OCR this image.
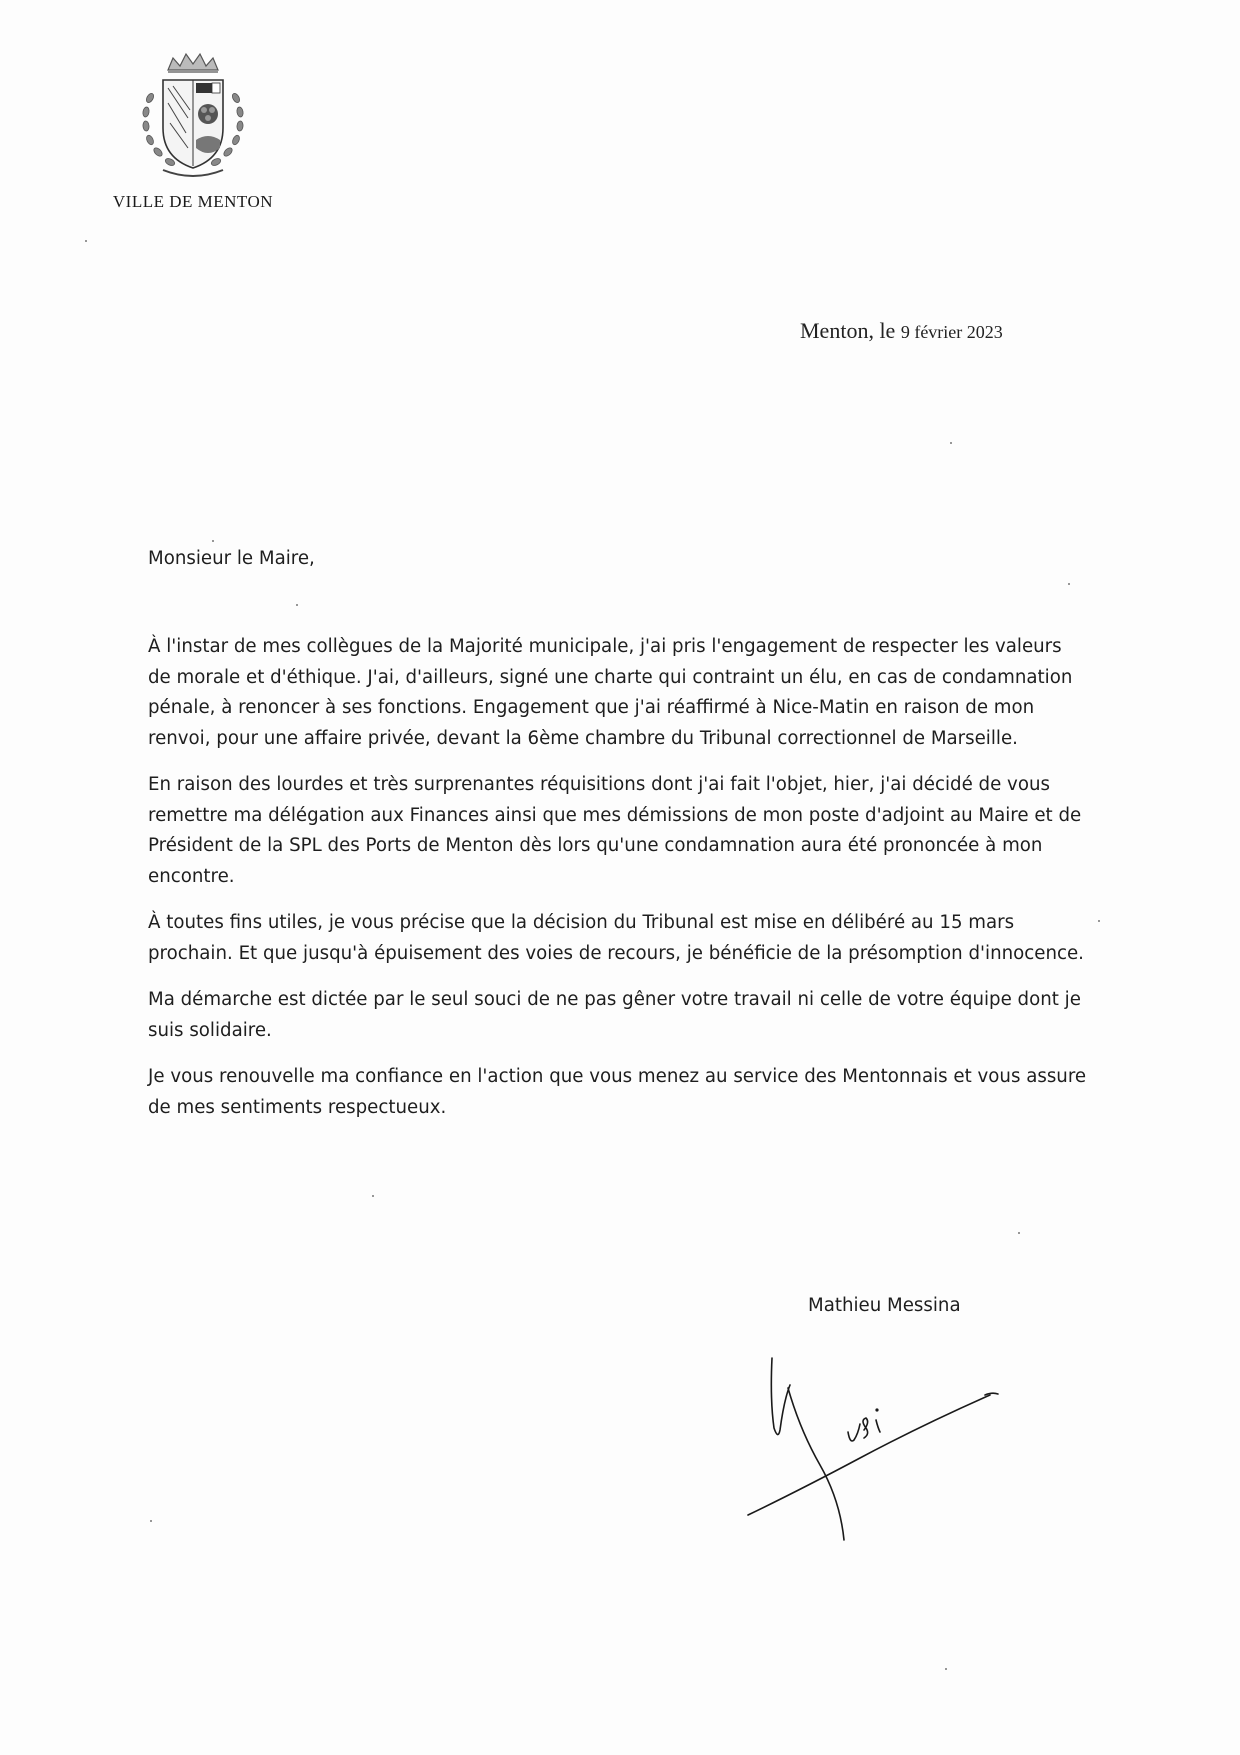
VILLE DE MENTON
Menton, le 9 février 2023
Monsieur le Maire,

À l'instar de mes collègues de la Majorité municipale, j'ai pris l'engagement de respecter les valeurs de morale et d'éthique. J'ai, d'ailleurs, signé une charte qui contraint un élu, en cas de condamnation pénale, à renoncer à ses fonctions. Engagement que j'ai réaffirmé à Nice-Matin en raison de mon renvoi, pour une affaire privée, devant la 6ème chambre du Tribunal correctionnel de Marseille.

En raison des lourdes et très surprenantes réquisitions dont j'ai fait l'objet, hier, j'ai décidé de vous remettre ma délégation aux Finances ainsi que mes démissions de mon poste d'adjoint au Maire et de Président de la SPL des Ports de Menton dès lors qu'une condamnation aura été prononcée à mon encontre.

À toutes fins utiles, je vous précise que la décision du Tribunal est mise en délibéré au 15 mars prochain. Et que jusqu'à épuisement des voies de recours, je bénéficie de la présomption d'innocence.

Ma démarche est dictée par le seul souci de ne pas gêner votre travail ni celle de votre équipe dont je suis solidaire.

Je vous renouvelle ma confiance en l'action que vous menez au service des Mentonnais et vous assure de mes sentiments respectueux.

Mathieu Messina
